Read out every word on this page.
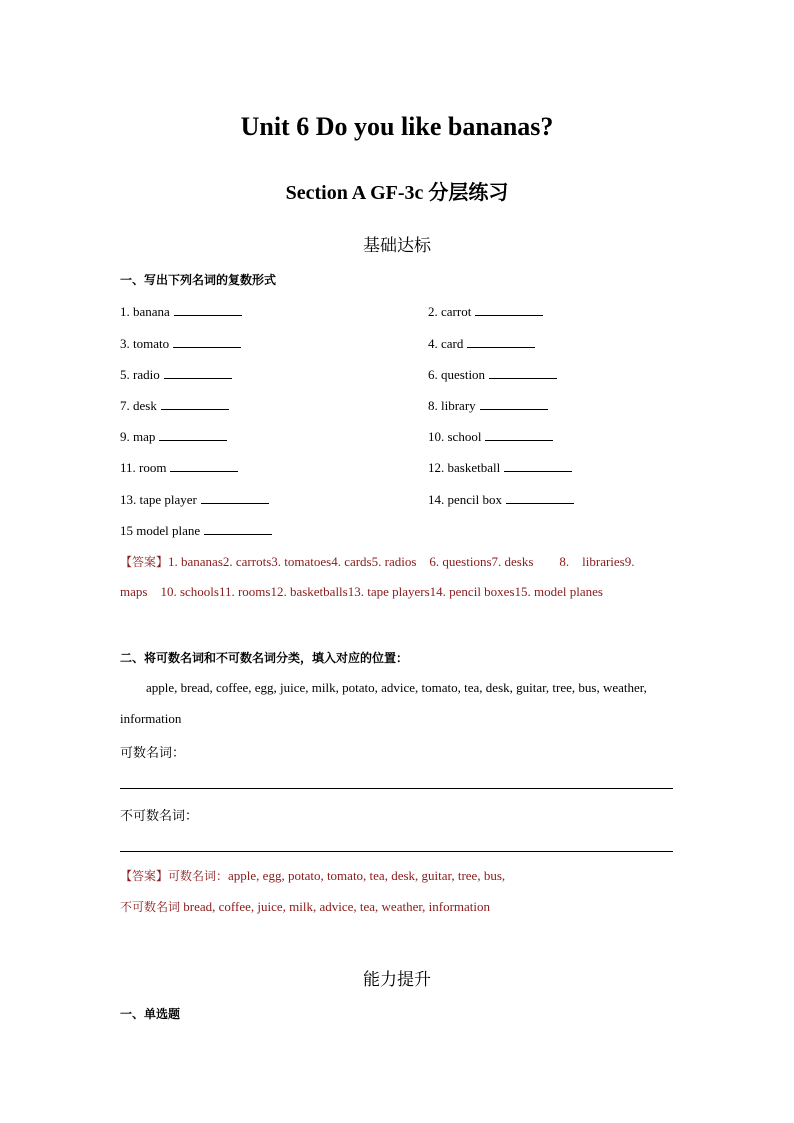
Unit 6 Do you like bananas?
Section A GF-3c 分层练习
基础达标
一、写出下列名词的复数形式
1. banana	2. carrot
3. tomato	4. card
5. radio	6. question
7. desk	8. library
9. map	10. school
11. room	12. basketball
13. tape player	14. pencil box
15 model plane
【答案】1. bananas2. carrots3. tomatoes4. cards5. radios    6. questions7. desks        8.    libraries9.
maps    10. schools11. rooms12. basketballs13. tape players14. pencil boxes15. model planes
二、将可数名词和不可数名词分类，填入对应的位置：
apple, bread, coffee, egg, juice, milk, potato, advice, tomato, tea, desk, guitar, tree, bus, weather,
information
可数名词：
不可数名词：
【答案】可数名词：apple, egg, potato, tomato, tea, desk, guitar, tree, bus,
不可数名词 bread, coffee, juice, milk, advice, tea, weather, information
能力提升
一、单选题
